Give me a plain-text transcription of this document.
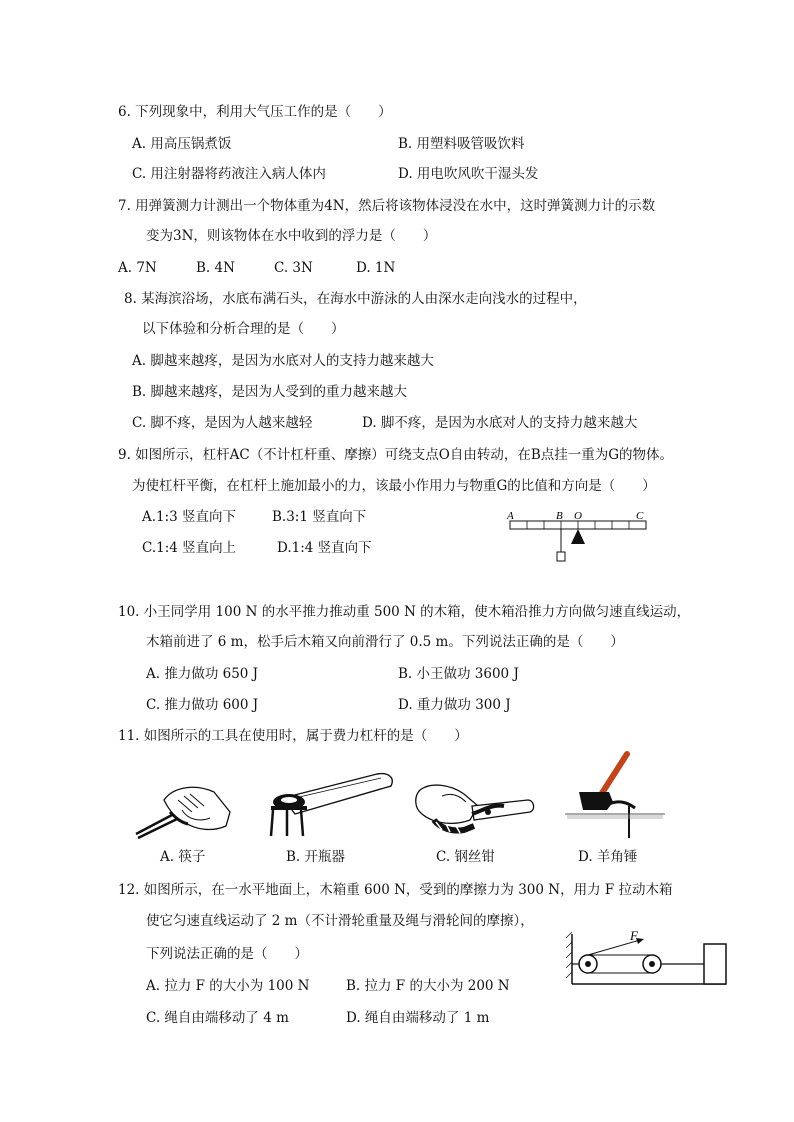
6. 下列现象中，利用大气压工作的是（　　）
A. 用高压锅煮饭	B. 用塑料吸管吸饮料
C. 用注射器将药液注入病人体内	D. 用电吹风吹干湿头发
7. 用弹簧测力计测出一个物体重为4N，然后将该物体浸没在水中，这时弹簧测力计的示数
变为3N，则该物体在水中收到的浮力是（　　）
A. 7N	B. 4N	C. 3N	D. 1N
8. 某海滨浴场，水底布满石头，在海水中游泳的人由深水走向浅水的过程中，
以下体验和分析合理的是（　　）
A. 脚越来越疼，是因为水底对人的支持力越来越大
B. 脚越来越疼，是因为人受到的重力越来越大
C. 脚不疼，是因为人越来越轻	D. 脚不疼，是因为水底对人的支持力越来越大
9. 如图所示，杠杆AC（不计杠杆重、摩擦）可绕支点O自由转动，在B点挂一重为G的物体。
为使杠杆平衡，在杠杆上施加最小的力，该最小作用力与物重G的比值和方向是（　　）
A.1:3 竖直向下	B.3:1 竖直向下
C.1:4 竖直向上	D.1:4 竖直向下
A	B O	C
10. 小王同学用 100 N 的水平推力推动重 500 N 的木箱，使木箱沿推力方向做匀速直线运动，
木箱前进了 6 m，松手后木箱又向前滑行了 0.5 m。下列说法正确的是（　　）
A. 推力做功 650 J	B. 小王做功 3600 J
C. 推力做功 600 J	D. 重力做功 300 J
11. 如图所示的工具在使用时，属于费力杠杆的是（　　）
A. 筷子	B. 开瓶器	C. 钢丝钳	D. 羊角锤
12. 如图所示，在一水平地面上，木箱重 600 N，受到的摩擦力为 300 N，用力 F 拉动木箱
使它匀速直线运动了 2 m（不计滑轮重量及绳与滑轮间的摩擦），
下列说法正确的是（　　）
A. 拉力 F 的大小为 100 N	B. 拉力 F 的大小为 200 N
C. 绳自由端移动了 4 m	D. 绳自由端移动了 1 m
F
